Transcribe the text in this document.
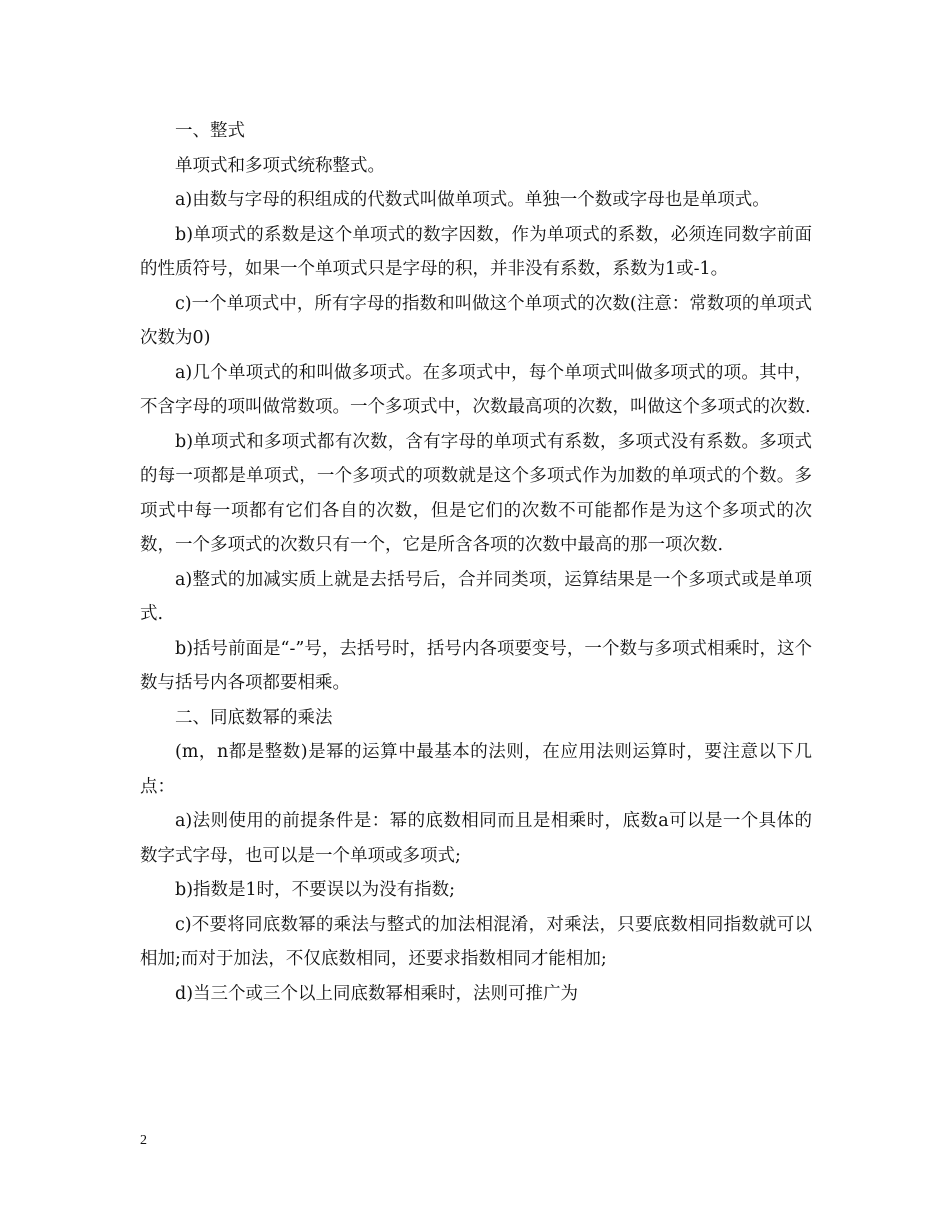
一、整式

单项式和多项式统称整式。

a)由数与字母的积组成的代数式叫做单项式。单独一个数或字母也是单项式。

b)单项式的系数是这个单项式的数字因数，作为单项式的系数，必须连同数字前面的性质符号，如果一个单项式只是字母的积，并非没有系数，系数为1或-1。

c)一个单项式中，所有字母的指数和叫做这个单项式的次数(注意：常数项的单项式次数为0)

a)几个单项式的和叫做多项式。在多项式中，每个单项式叫做多项式的项。其中，不含字母的项叫做常数项。一个多项式中，次数最高项的次数，叫做这个多项式的次数.

b)单项式和多项式都有次数，含有字母的单项式有系数，多项式没有系数。多项式的每一项都是单项式，一个多项式的项数就是这个多项式作为加数的单项式的个数。多项式中每一项都有它们各自的次数，但是它们的次数不可能都作是为这个多项式的次数，一个多项式的次数只有一个，它是所含各项的次数中最高的那一项次数.

a)整式的加减实质上就是去括号后，合并同类项，运算结果是一个多项式或是单项式.

b)括号前面是“-”号，去括号时，括号内各项要变号，一个数与多项式相乘时，这个数与括号内各项都要相乘。

二、同底数幂的乘法

(m，n都是整数)是幂的运算中最基本的法则，在应用法则运算时，要注意以下几点：

a)法则使用的前提条件是：幂的底数相同而且是相乘时，底数a可以是一个具体的数字式字母，也可以是一个单项或多项式;

b)指数是1时，不要误以为没有指数;

c)不要将同底数幂的乘法与整式的加法相混淆，对乘法，只要底数相同指数就可以相加;而对于加法，不仅底数相同，还要求指数相同才能相加;

d)当三个或三个以上同底数幂相乘时，法则可推广为

2
